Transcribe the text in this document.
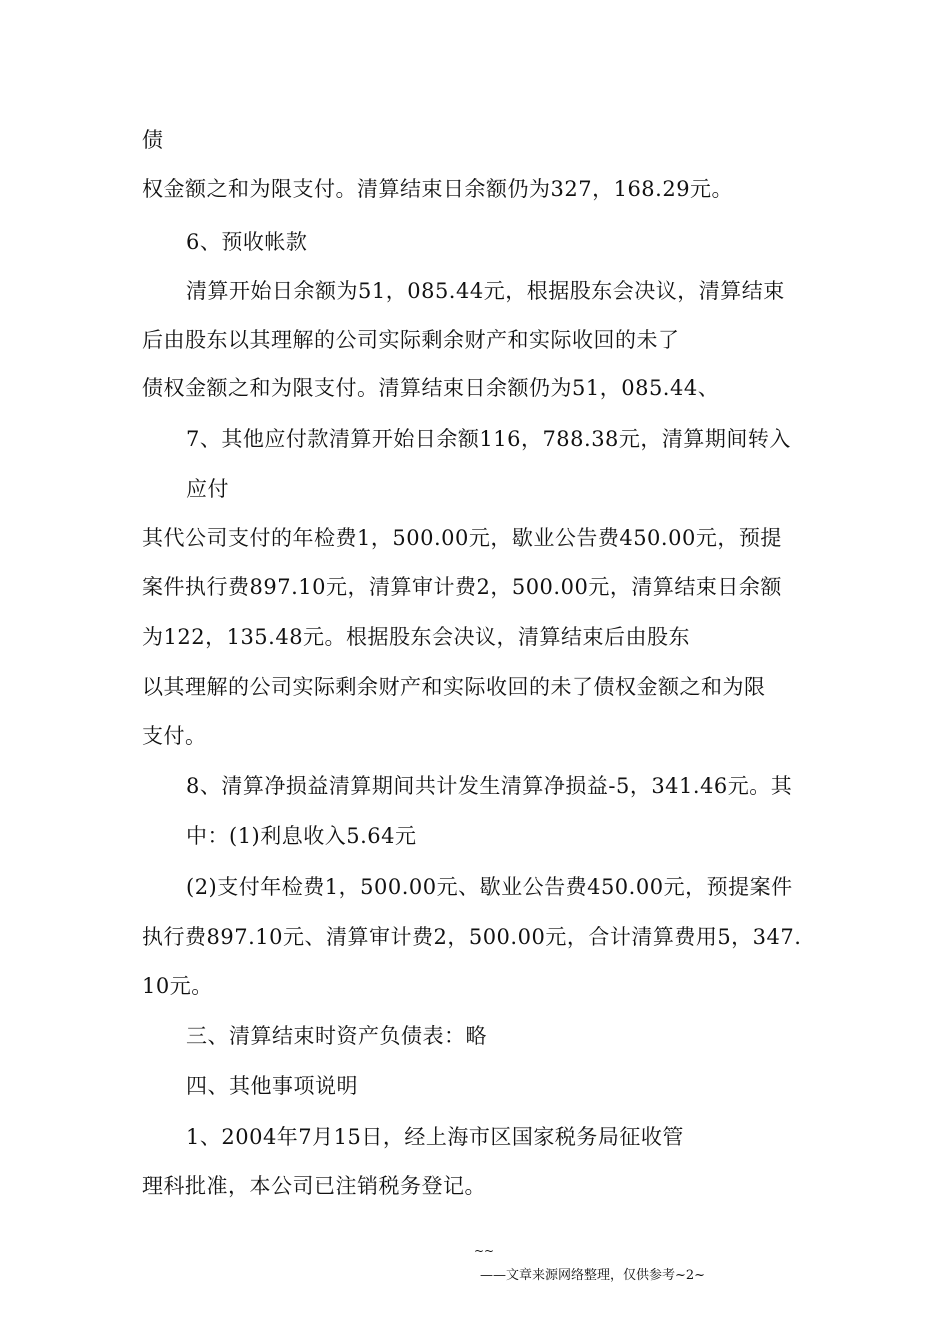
债
权金额之和为限支付。清算结束日余额仍为327，168.29元。
6、预收帐款
清算开始日余额为51，085.44元，根据股东会决议，清算结束
后由股东以其理解的公司实际剩余财产和实际收回的未了
债权金额之和为限支付。清算结束日余额仍为51，085.44、
7、其他应付款清算开始日余额116，788.38元，清算期间转入
应付
其代公司支付的年检费1，500.00元，歇业公告费450.00元，预提
案件执行费897.10元，清算审计费2，500.00元，清算结束日余额
为122，135.48元。根据股东会决议，清算结束后由股东
以其理解的公司实际剩余财产和实际收回的未了债权金额之和为限
支付。
8、清算净损益清算期间共计发生清算净损益-5，341.46元。其
中：(1)利息收入5.64元
(2)支付年检费1，500.00元、歇业公告费450.00元，预提案件
执行费897.10元、清算审计费2，500.00元，合计清算费用5，347.
10元。
三、清算结束时资产负债表：略
四、其他事项说明
1、2004年7月15日，经上海市区国家税务局征收管
理科批准，本公司已注销税务登记。
~~
——文章来源网络整理，仅供参考~2~
